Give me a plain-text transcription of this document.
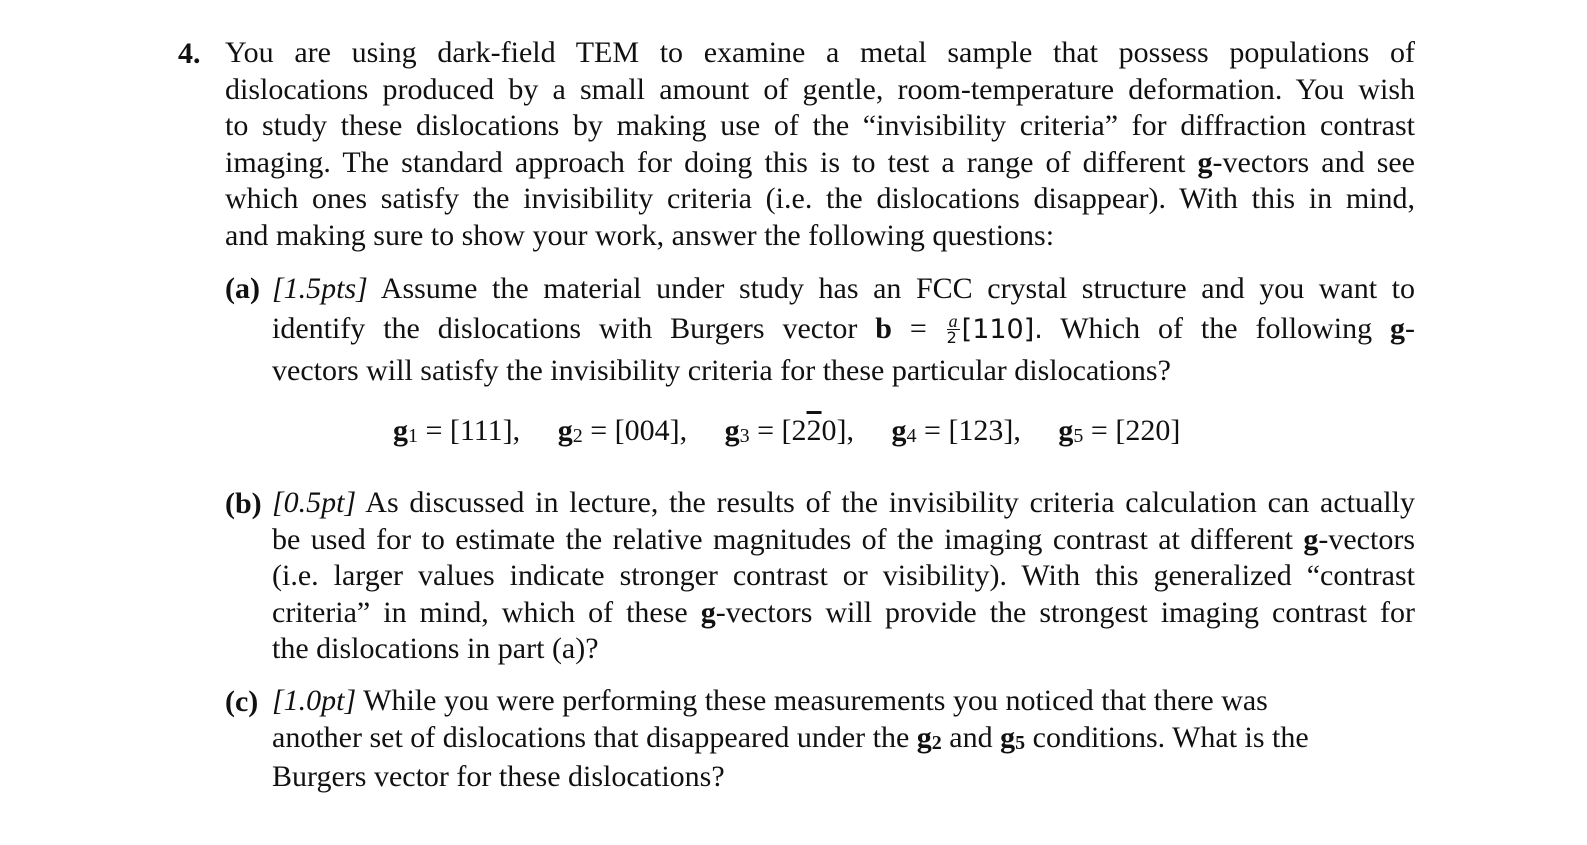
4. You are using dark-field TEM to examine a metal sample that possess populations of
dislocations produced by a small amount of gentle, room-temperature deformation. You wish
to study these dislocations by making use of the “invisibility criteria” for diffraction contrast
imaging. The standard approach for doing this is to test a range of different g-vectors and see
which ones satisfy the invisibility criteria (i.e. the dislocations disappear). With this in mind,
and making sure to show your work, answer the following questions:
(a) [1.5pts] Assume the material under study has an FCC crystal structure and you want to
identify the dislocations with Burgers vector $b = \frac{a}{2} [110]$. Which of the following g-
vectors will satisfy the invisibility criteria for these particular dislocations?
g1 = [111], g2 = [004], g3 = [220], g4 = [123], g5 = [220]
(b) [0.5pt] As discussed in lecture, the results of the invisibility criteria calculation can actually
be used for to estimate the relative magnitudes of the imaging contrast at different g-vectors
(i.e. larger values indicate stronger contrast or visibility). With this generalized “contrast
criteria” in mind, which of these g-vectors will provide the strongest imaging contrast for
the dislocations in part (a)?
(c) [1.0pt] While you were performing these measurements you noticed that there was
another set of dislocations that disappeared under the g2 and g5 conditions. What is the
Burgers vector for these dislocations?
